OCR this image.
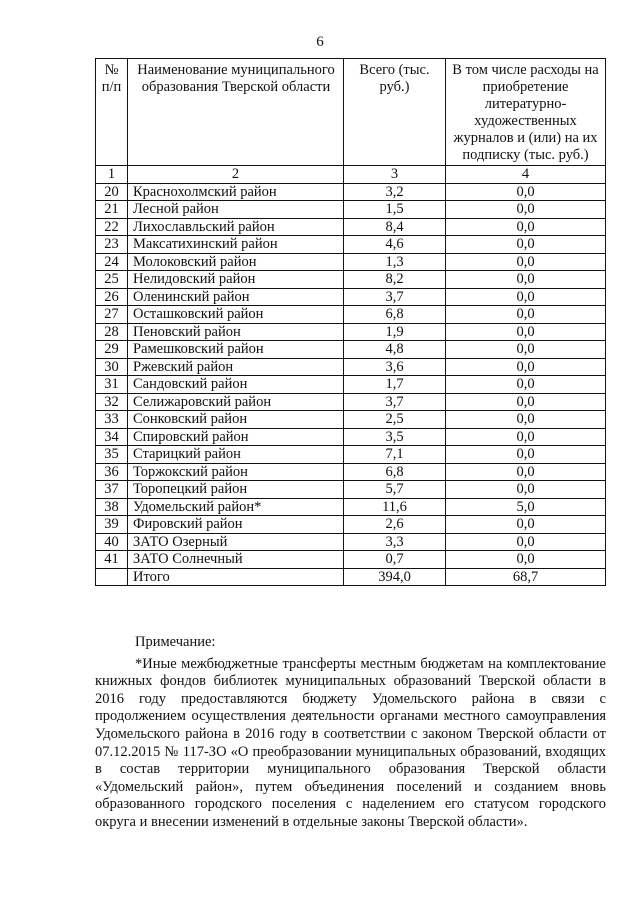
6
№ п/п	Наименование муниципального образования Тверской области	Всего (тыс. руб.)	В том числе расходы на приобретение литературно-художественных журналов и (или) на их подписку (тыс. руб.)
1	2	3	4
20	Краснохолмский район	3,2	0,0
21	Лесной район	1,5	0,0
22	Лихославльский район	8,4	0,0
23	Максатихинский район	4,6	0,0
24	Молоковский район	1,3	0,0
25	Нелидовский район	8,2	0,0
26	Оленинский район	3,7	0,0
27	Осташковский район	6,8	0,0
28	Пеновский район	1,9	0,0
29	Рамешковский район	4,8	0,0
30	Ржевский район	3,6	0,0
31	Сандовский район	1,7	0,0
32	Селижаровский район	3,7	0,0
33	Сонковский район	2,5	0,0
34	Спировский район	3,5	0,0
35	Старицкий район	7,1	0,0
36	Торжокский район	6,8	0,0
37	Торопецкий район	5,7	0,0
38	Удомельский район*	11,6	5,0
39	Фировский район	2,6	0,0
40	ЗАТО Озерный	3,3	0,0
41	ЗАТО Солнечный	0,7	0,0
	Итого	394,0	68,7
Примечание:

*Иные межбюджетные трансферты местным бюджетам на комплектование книжных фондов библиотек муниципальных образований Тверской области в 2016 году предоставляются бюджету Удомельского района в связи с продолжением осуществления деятельности органами местного самоуправления Удомельского района в 2016 году в соответствии с законом Тверской области от 07.12.2015 № 117-ЗО «О преобразовании муниципальных образований, входящих в состав территории муниципального образования Тверской области «Удомельский район», путем объединения поселений и созданием вновь образованного городского поселения с наделением его статусом городского округа и внесении изменений в отдельные законы Тверской области».
